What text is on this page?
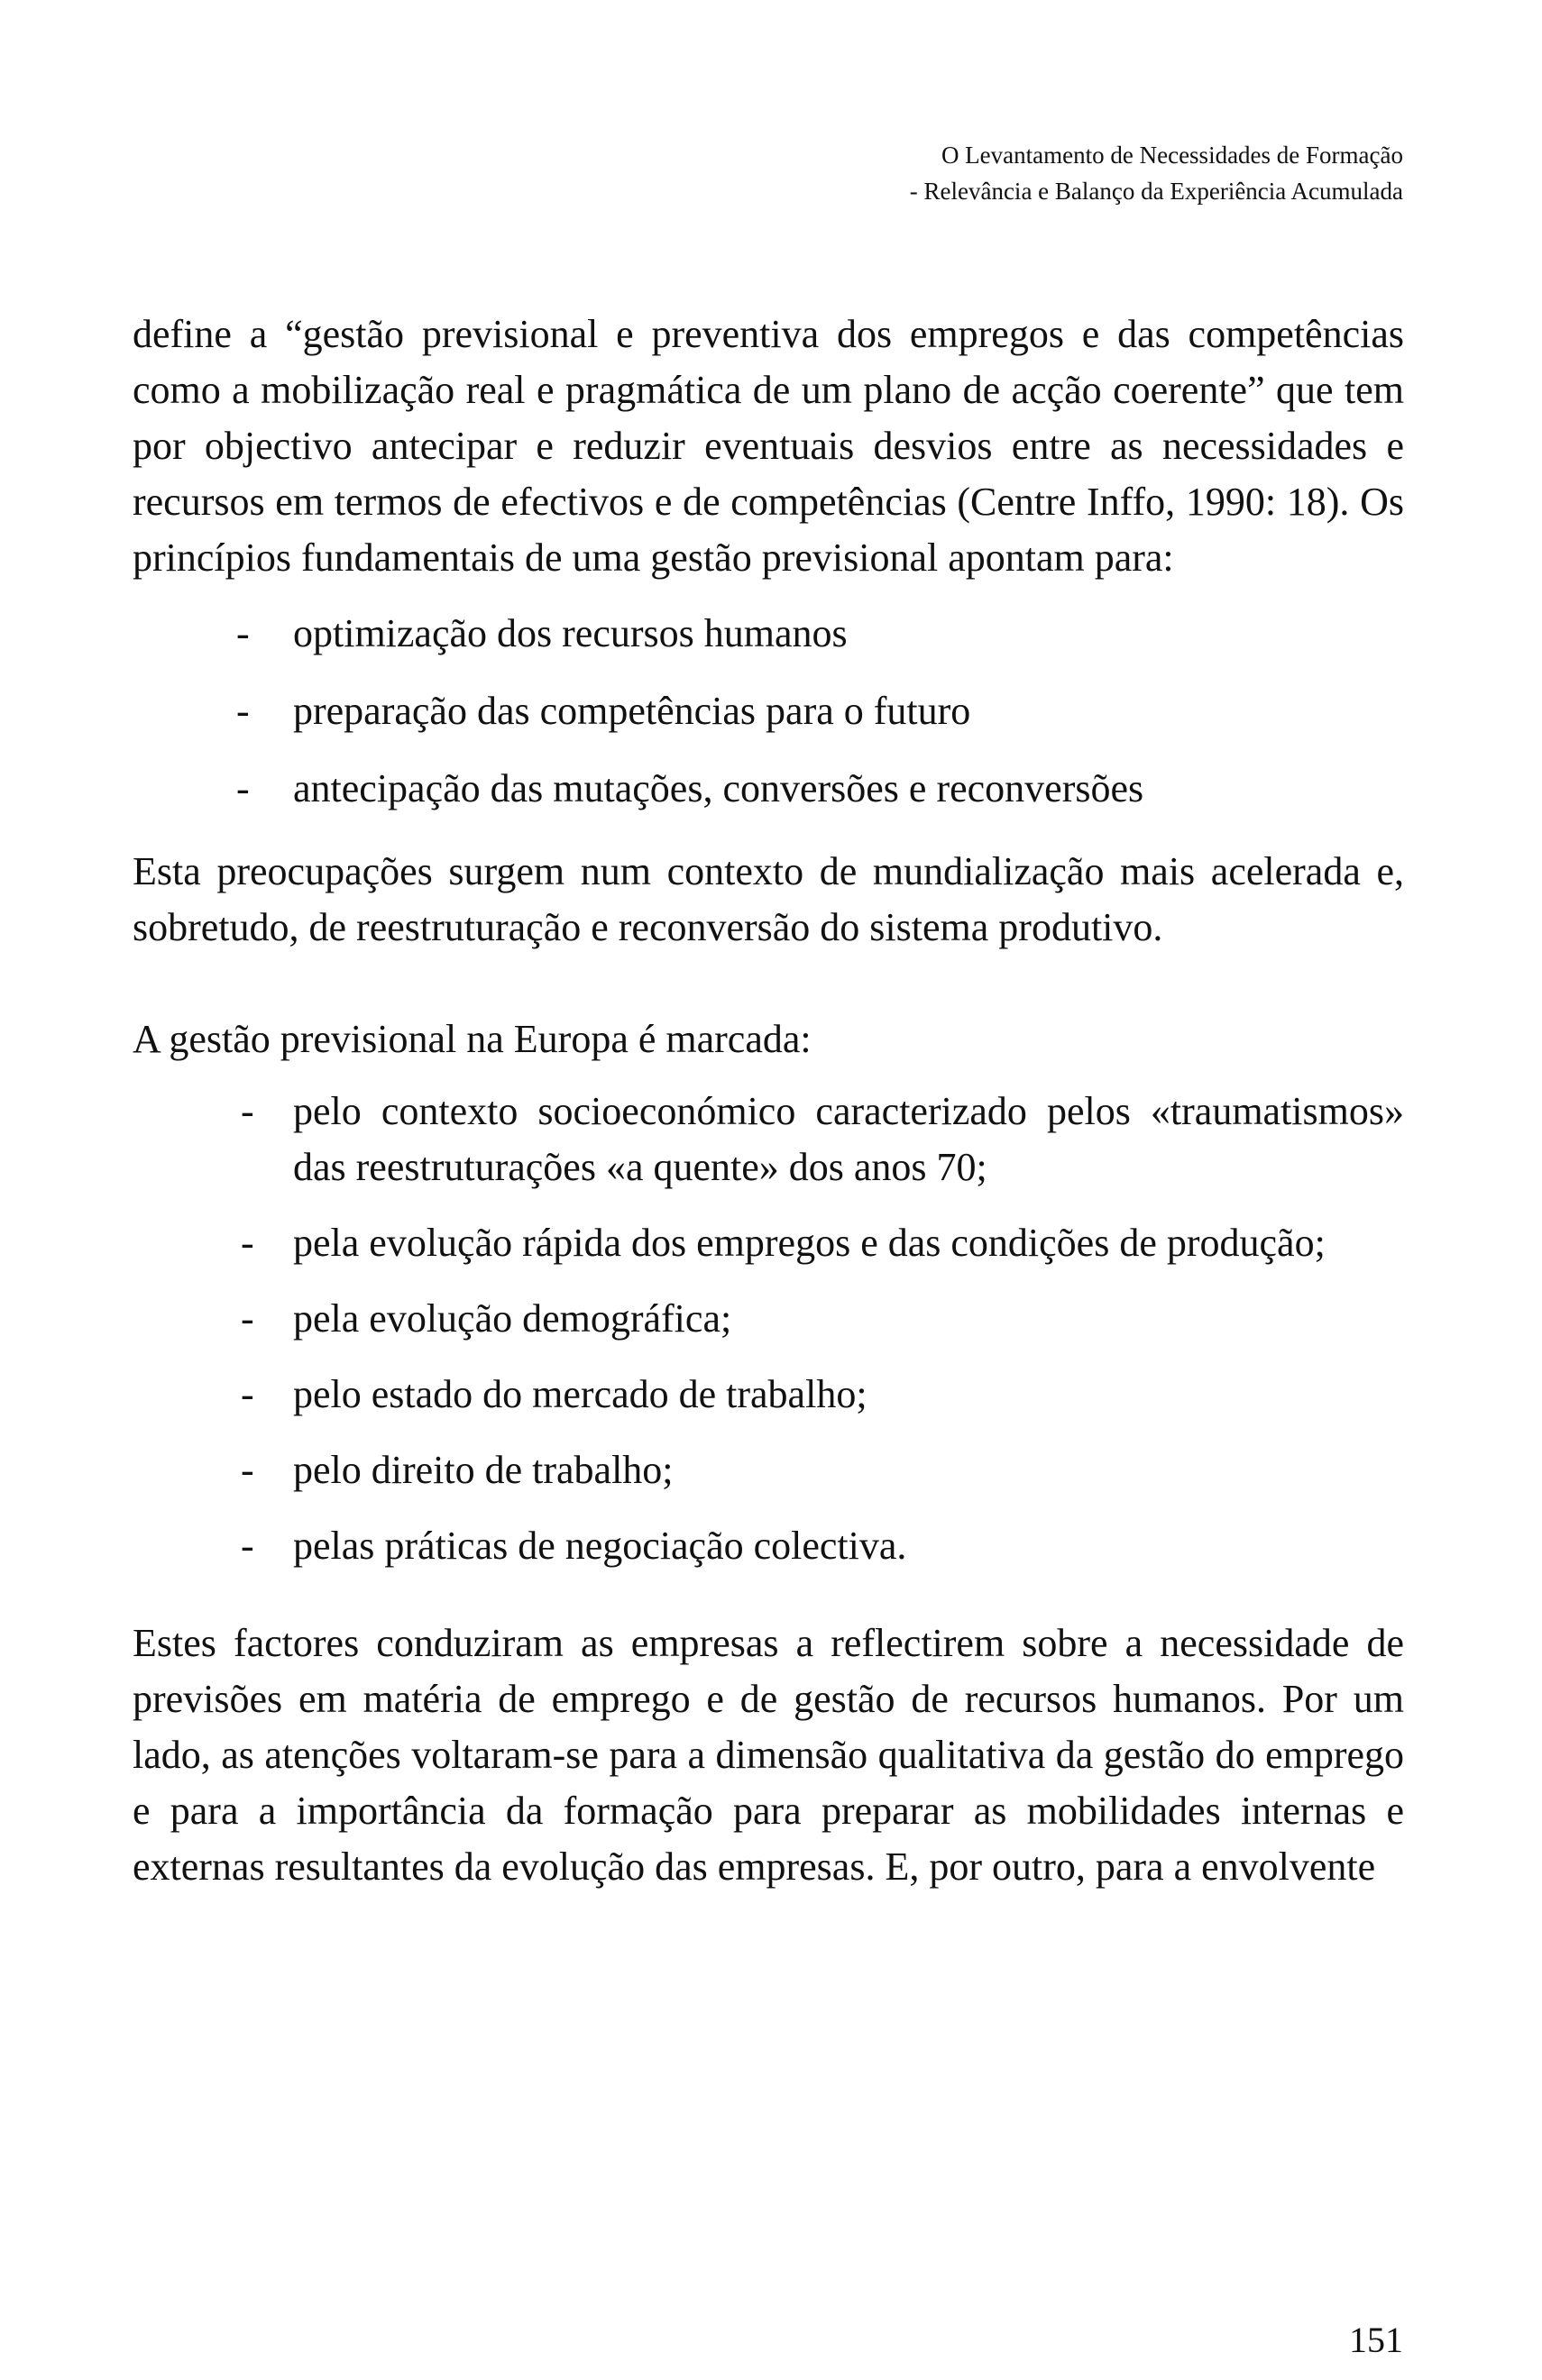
O Levantamento de Necessidades de Formação
- Relevância e Balanço da Experiência Acumulada

define a “gestão previsional e preventiva dos empregos e das competências como a mobilização real e pragmática de um plano de acção coerente” que tem por objectivo antecipar e reduzir eventuais desvios entre as necessidades e recursos em termos de efectivos e de competências (Centre Inffo, 1990: 18). Os princípios fundamentais de uma gestão previsional apontam para:

- optimização dos recursos humanos
- preparação das competências para o futuro
- antecipação das mutações, conversões e reconversões

Esta preocupações surgem num contexto de mundialização mais acelerada e, sobretudo, de reestruturação e reconversão do sistema produtivo.

A gestão previsional na Europa é marcada:

- pelo contexto socioeconómico caracterizado pelos «traumatismos» das reestruturações «a quente» dos anos 70;
- pela evolução rápida dos empregos e das condições de produção;
- pela evolução demográfica;
- pelo estado do mercado de trabalho;
- pelo direito de trabalho;
- pelas práticas de negociação colectiva.

Estes factores conduziram as empresas a reflectirem sobre a necessidade de previsões em matéria de emprego e de gestão de recursos humanos. Por um lado, as atenções voltaram-se para a dimensão qualitativa da gestão do emprego e para a importância da formação para preparar as mobilidades internas e externas resultantes da evolução das empresas. E, por outro, para a envolvente

151
